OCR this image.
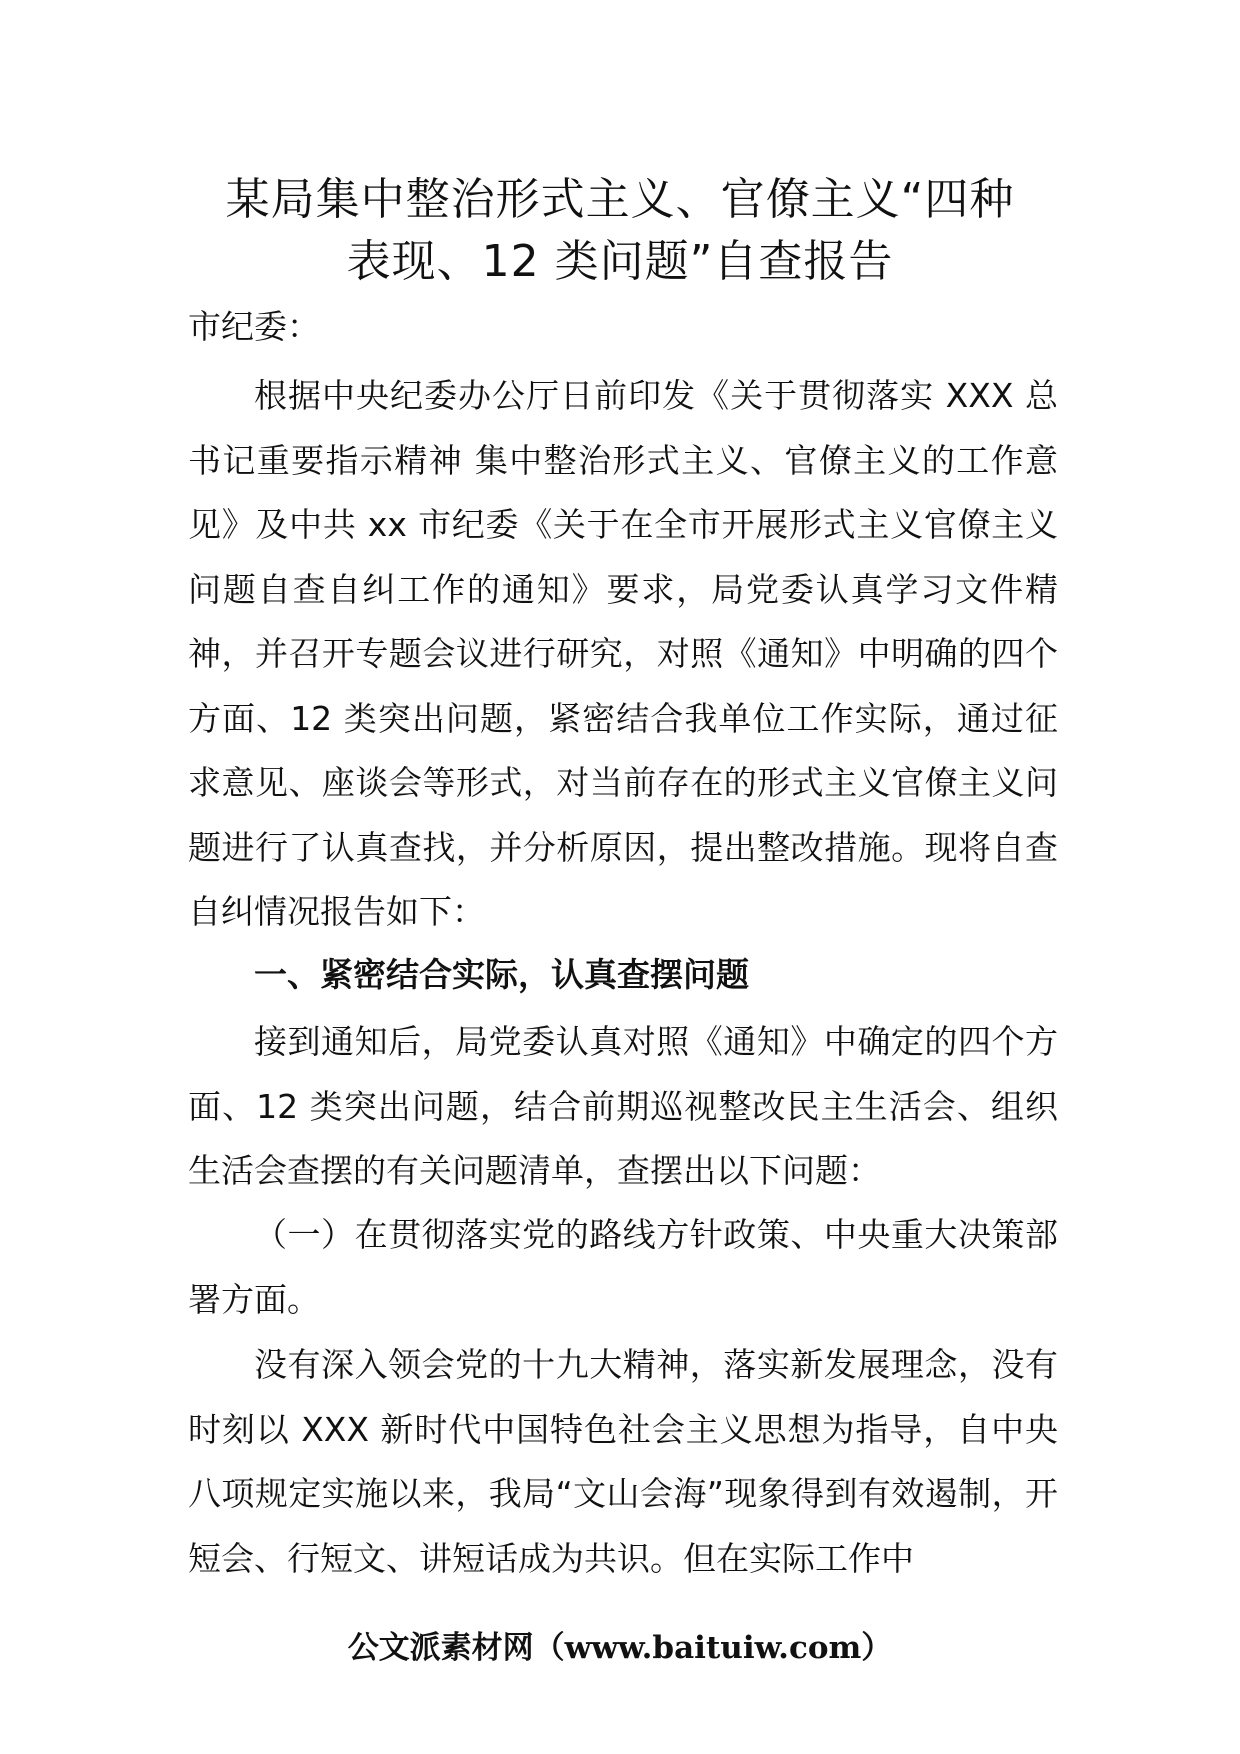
某局集中整治形式主义、官僚主义“四种
表现、12 类问题”自查报告
市纪委：

根据中央纪委办公厅日前印发《关于贯彻落实 XXX 总书记重要指示精神 集中整治形式主义、官僚主义的工作意见》及中共 xx 市纪委《关于在全市开展形式主义官僚主义问题自查自纠工作的通知》要求，局党委认真学习文件精神，并召开专题会议进行研究，对照《通知》中明确的四个方面、12 类突出问题，紧密结合我单位工作实际，通过征求意见、座谈会等形式，对当前存在的形式主义官僚主义问题进行了认真查找，并分析原因，提出整改措施。现将自查自纠情况报告如下：

一、紧密结合实际，认真查摆问题

接到通知后，局党委认真对照《通知》中确定的四个方面、12 类突出问题，结合前期巡视整改民主生活会、组织生活会查摆的有关问题清单，查摆出以下问题：

（一）在贯彻落实党的路线方针政策、中央重大决策部署方面。

没有深入领会党的十九大精神，落实新发展理念，没有时刻以 XXX 新时代中国特色社会主义思想为指导，自中央八项规定实施以来，我局“文山会海”现象得到有效遏制，开短会、行短文、讲短话成为共识。但在实际工作中

公文派素材网（www.baituiw.com）
